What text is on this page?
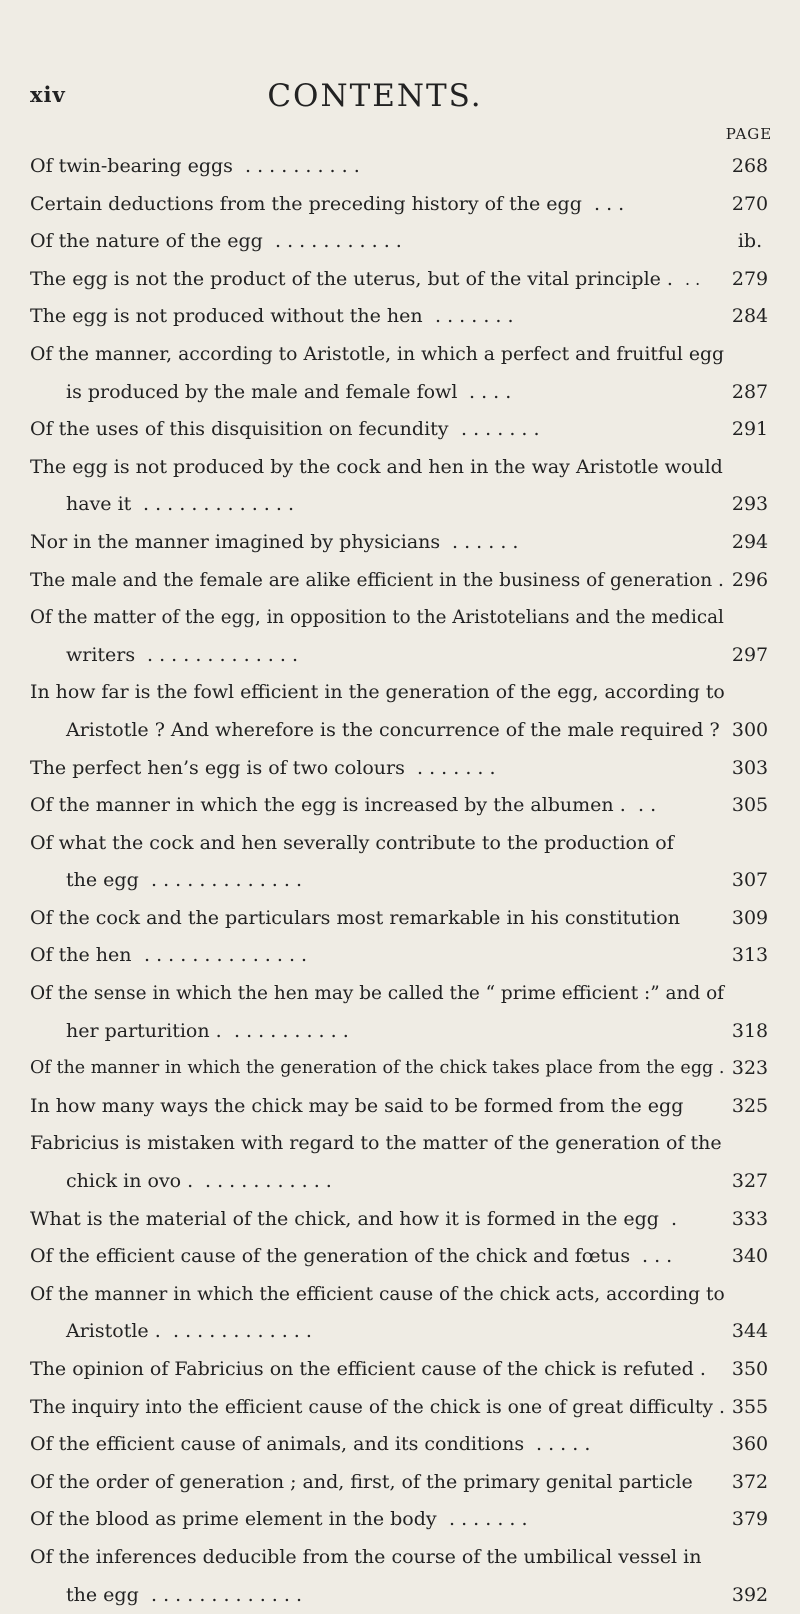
xiv	CONTENTS.
PAGE
Of twin-bearing eggs . . . . . . . . . .	268
Certain deductions from the preceding history of the egg . . .	270
Of the nature of the egg . . . . . . . . . . .	ib.
The egg is not the product of the uterus, but of the vital principle . . .	279
The egg is not produced without the hen . . . . . . .	284
Of the manner, according to Aristotle, in which a perfect and fruitful egg
is produced by the male and female fowl . . . .	287
Of the uses of this disquisition on fecundity . . . . . . .	291
The egg is not produced by the cock and hen in the way Aristotle would
have it . . . . . . . . . . . . .	293
Nor in the manner imagined by physicians . . . . . .	294
The male and the female are alike efficient in the business of generation . 296
Of the matter of the egg, in opposition to the Aristotelians and the medical
writers . . . . . . . . . . . . .	297
In how far is the fowl efficient in the generation of the egg, according to
Aristotle ? And wherefore is the concurrence of the male required ? 300
The perfect hen’s egg is of two colours . . . . . . .	303
Of the manner in which the egg is increased by the albumen . . .	305
Of what the cock and hen severally contribute to the production of
the egg . . . . . . . . . . . . .	307
Of the cock and the particulars most remarkable in his constitution	309
Of the hen . . . . . . . . . . . . . .	313
Of the sense in which the hen may be called the “ prime efficient :” and of
her parturition . . . . . . . . . . .	318
Of the manner in which the generation of the chick takes place from the egg . 323
In how many ways the chick may be said to be formed from the egg	325
Fabricius is mistaken with regard to the matter of the generation of the
chick in ovo . . . . . . . . . . . .	327
What is the material of the chick, and how it is formed in the egg .	333
Of the efficient cause of the generation of the chick and fœtus . . .	340
Of the manner in which the efficient cause of the chick acts, according to
Aristotle . . . . . . . . . . . . .	344
The opinion of Fabricius on the efficient cause of the chick is refuted .	350
The inquiry into the efficient cause of the chick is one of great difficulty . 355
Of the efficient cause of animals, and its conditions . . . . .	360
Of the order of generation ; and, first, of the primary genital particle	372
Of the blood as prime element in the body . . . . . . .	379
Of the inferences deducible from the course of the umbilical vessel in
the egg . . . . . . . . . . . . .	392
